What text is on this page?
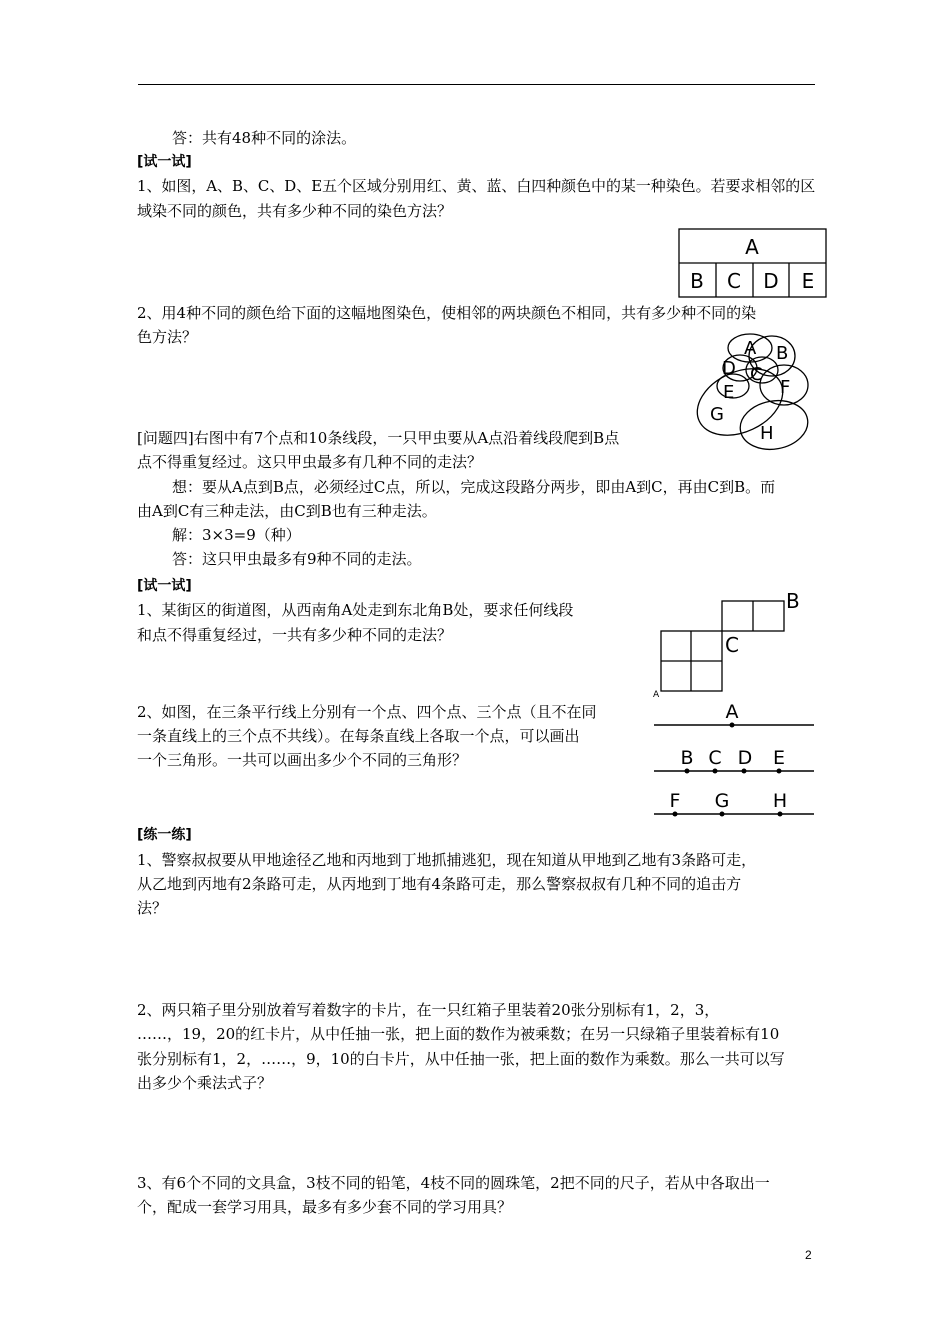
答：共有48种不同的涂法。
[试一试]
1、如图，A、B、C、D、E五个区域分别用红、黄、蓝、白四种颜色中的某一种染色。若要求相邻的区
域染不同的颜色，共有多少种不同的染色方法？
A
B C D E
2、用4种不同的颜色给下面的这幅地图染色，使相邻的两块颜色不相同，共有多少种不同的染
色方法？
A B
D C
E	F
G
H
[问题四]右图中有7个点和10条线段，一只甲虫要从A点沿着线段爬到B点
点不得重复经过。这只甲虫最多有几种不同的走法？
想：要从A点到B点，必须经过C点，所以，完成这段路分两步，即由A到C，再由C到B。而
由A到C有三种走法，由C到B也有三种走法。
解：3×3=9（种）
答：这只甲虫最多有9种不同的走法。
[试一试]
1、某街区的街道图，从西南角A处走到东北角B处，要求任何线段
和点不得重复经过，一共有多少种不同的走法？
B
C
A
2、如图，在三条平行线上分别有一个点、四个点、三个点（且不在同
一条直线上的三个点不共线）。在每条直线上各取一个点，可以画出
一个三角形。一共可以画出多少个不同的三角形？
A
B C D E
F G H
[练一练]
1、警察叔叔要从甲地途径乙地和丙地到丁地抓捕逃犯，现在知道从甲地到乙地有3条路可走，
从乙地到丙地有2条路可走，从丙地到丁地有4条路可走，那么警察叔叔有几种不同的追击方
法？
2、两只箱子里分别放着写着数字的卡片，在一只红箱子里装着20张分别标有1，2，3，
……，19，20的红卡片，从中任抽一张，把上面的数作为被乘数；在另一只绿箱子里装着标有10
张分别标有1，2，……，9，10的白卡片，从中任抽一张，把上面的数作为乘数。那么一共可以写
出多少个乘法式子？
3、有6个不同的文具盒，3枝不同的铅笔，4枝不同的圆珠笔，2把不同的尺子，若从中各取出一
个，配成一套学习用具，最多有多少套不同的学习用具？
2
